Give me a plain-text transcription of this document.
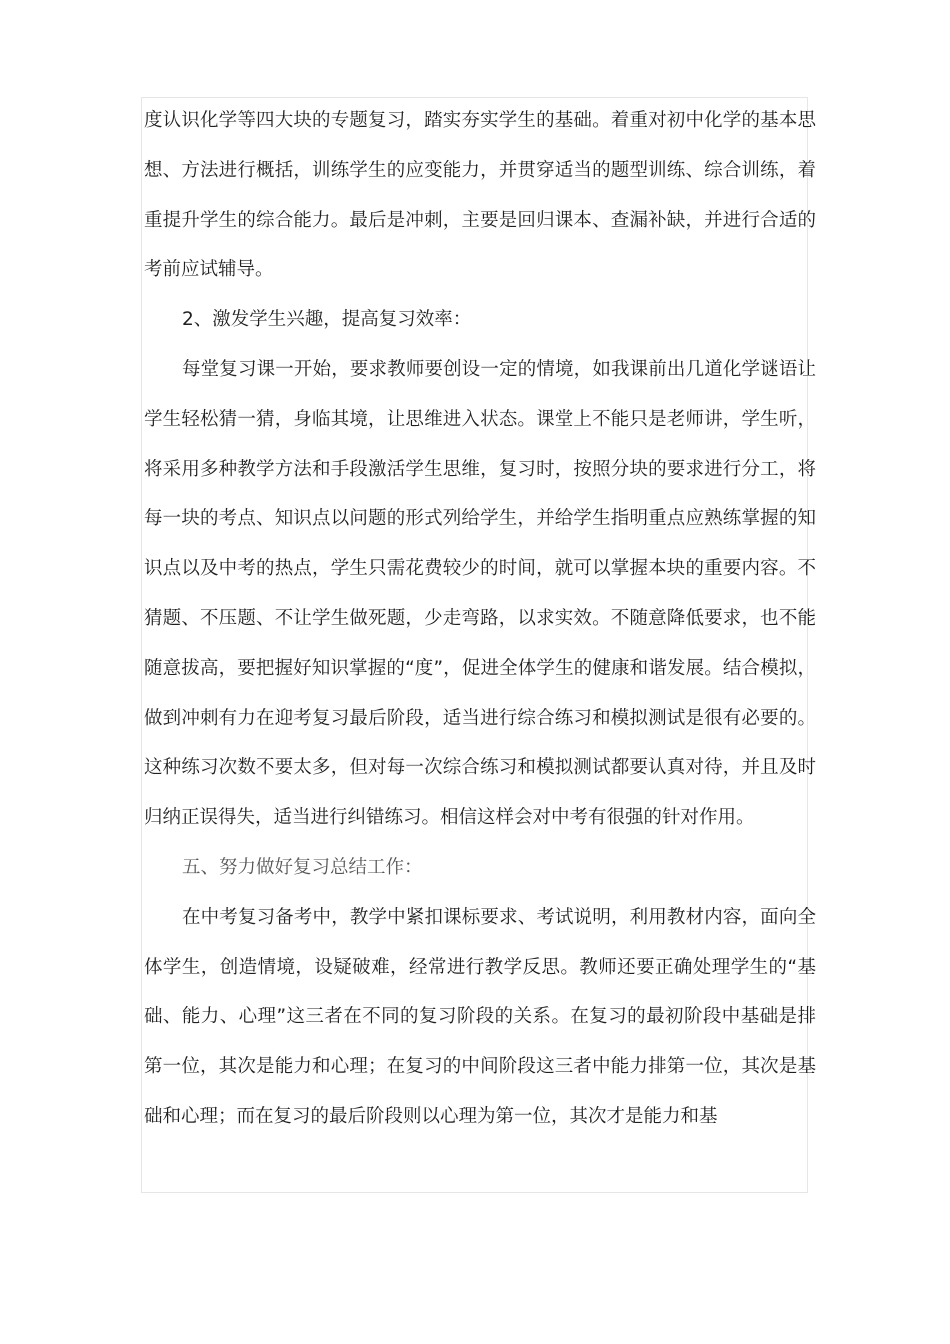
度认识化学等四大块的专题复习，踏实夯实学生的基础。着重对初中化学的基本思想、方法进行概括，训练学生的应变能力，并贯穿适当的题型训练、综合训练，着重提升学生的综合能力。最后是冲刺，主要是回归课本、查漏补缺，并进行合适的考前应试辅导。

2、激发学生兴趣，提高复习效率：

每堂复习课一开始，要求教师要创设一定的情境，如我课前出几道化学谜语让学生轻松猜一猜，身临其境，让思维进入状态。课堂上不能只是老师讲，学生听，将采用多种教学方法和手段激活学生思维，复习时，按照分块的要求进行分工，将每一块的考点、知识点以问题的形式列给学生，并给学生指明重点应熟练掌握的知识点以及中考的热点，学生只需花费较少的时间，就可以掌握本块的重要内容。不猜题、不压题、不让学生做死题，少走弯路，以求实效。不随意降低要求，也不能随意拔高，要把握好知识掌握的“度”，促进全体学生的健康和谐发展。结合模拟，做到冲刺有力在迎考复习最后阶段，适当进行综合练习和模拟测试是很有必要的。这种练习次数不要太多，但对每一次综合练习和模拟测试都要认真对待，并且及时归纳正误得失，适当进行纠错练习。相信这样会对中考有很强的针对作用。

五、努力做好复习总结工作：

在中考复习备考中，教学中紧扣课标要求、考试说明，利用教材内容，面向全体学生，创造情境，设疑破难，经常进行教学反思。教师还要正确处理学生的“基础、能力、心理”这三者在不同的复习阶段的关系。在复习的最初阶段中基础是排第一位，其次是能力和心理；在复习的中间阶段这三者中能力排第一位，其次是基础和心理；而在复习的最后阶段则以心理为第一位，其次才是能力和基
